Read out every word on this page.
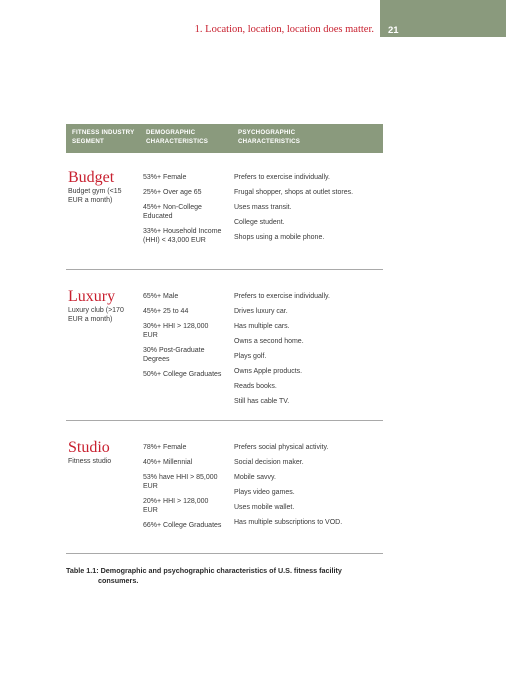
1. Location, location, location does matter. 21
FITNESS INDUSTRY
SEGMENT
DEMOGRAPHIC
CHARACTERISTICS
PSYCHOGRAPHIC
CHARACTERISTICS
Budget
Budget gym (<15 EUR a month)
53%+ Female
25%+ Over age 65
45%+ Non-College Educated
33%+ Household Income (HHI) < 43,000 EUR
Prefers to exercise individually.
Frugal shopper, shops at outlet stores.
Uses mass transit.
College student.
Shops using a mobile phone.
Luxury
Luxury club (>170 EUR a month)
65%+ Male
45%+ 25 to 44
30%+ HHI > 128,000 EUR
30% Post-Graduate Degrees
50%+ College Graduates
Prefers to exercise individually.
Drives luxury car.
Has multiple cars.
Owns a second home.
Plays golf.
Owns Apple products.
Reads books.
Still has cable TV.
Studio
Fitness studio
78%+ Female
40%+ Millennial
53% have HHI > 85,000 EUR
20%+ HHI > 128,000 EUR
66%+ College Graduates
Prefers social physical activity.
Social decision maker.
Mobile savvy.
Plays video games.
Uses mobile wallet.
Has multiple subscriptions to VOD.
Table 1.1: Demographic and psychographic characteristics of U.S. fitness facility
consumers.
